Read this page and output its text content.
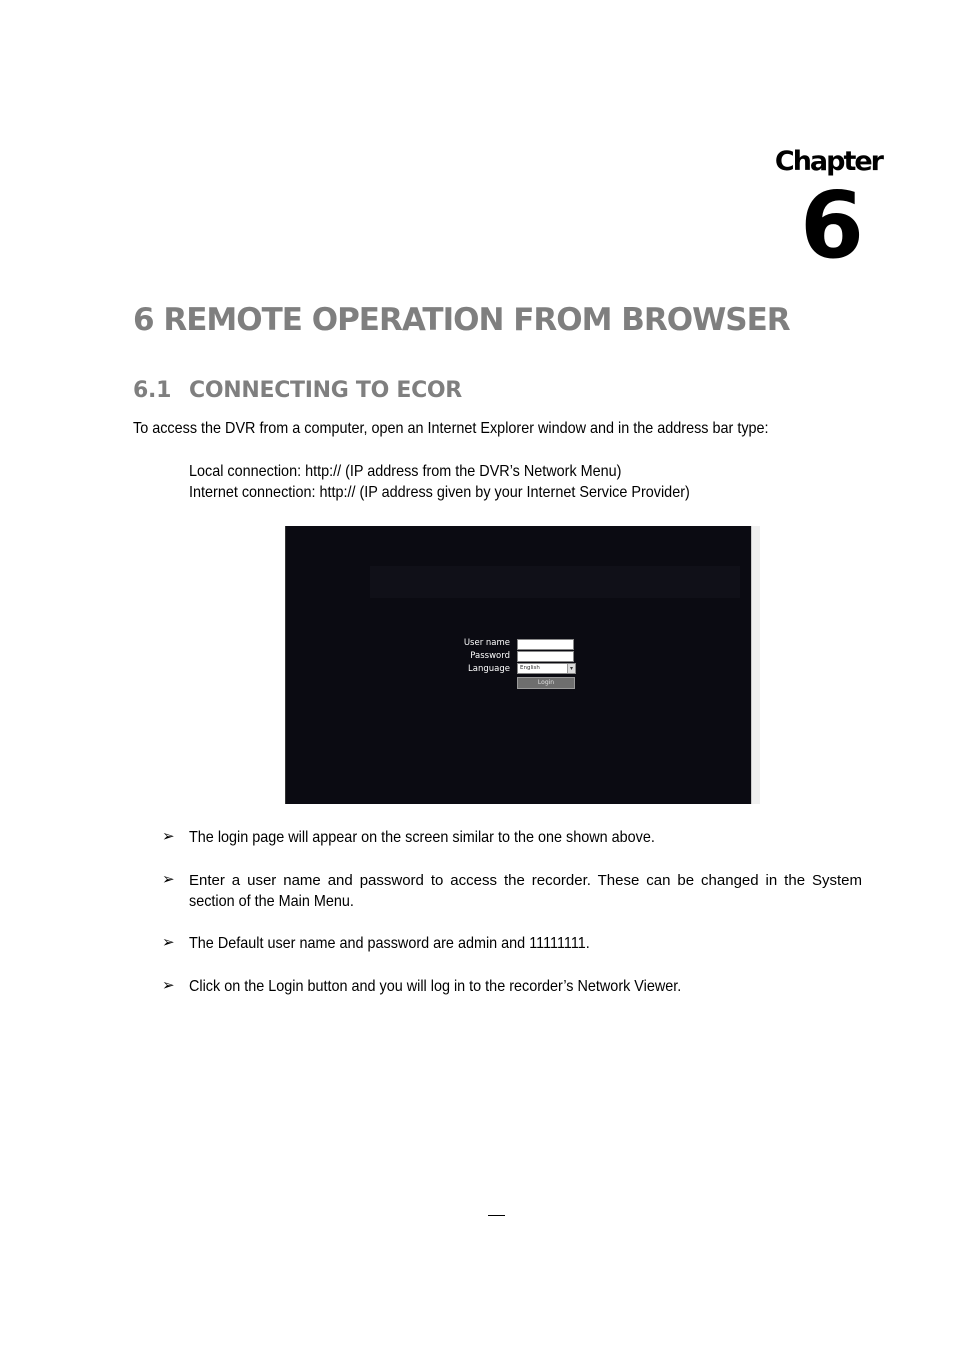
Chapter
6
6 REMOTE OPERATION FROM BROWSER
6.1 CONNECTING TO ECOR
To access the DVR from a computer, open an Internet Explorer window and in the address bar type:
Local connection: http:// (IP address from the DVR’s Network Menu)
Internet connection: http:// (IP address given by your Internet Service Provider)
User name
Password
Language	English	▾
Login
➢ The login page will appear on the screen similar to the one shown above.
➢ Enter a user name and password to access the recorder. These can be changed in the System
section of the Main Menu.
➢ The Default user name and password are admin and 11111111.
➢ Click on the Login button and you will log in to the recorder’s Network Viewer.
